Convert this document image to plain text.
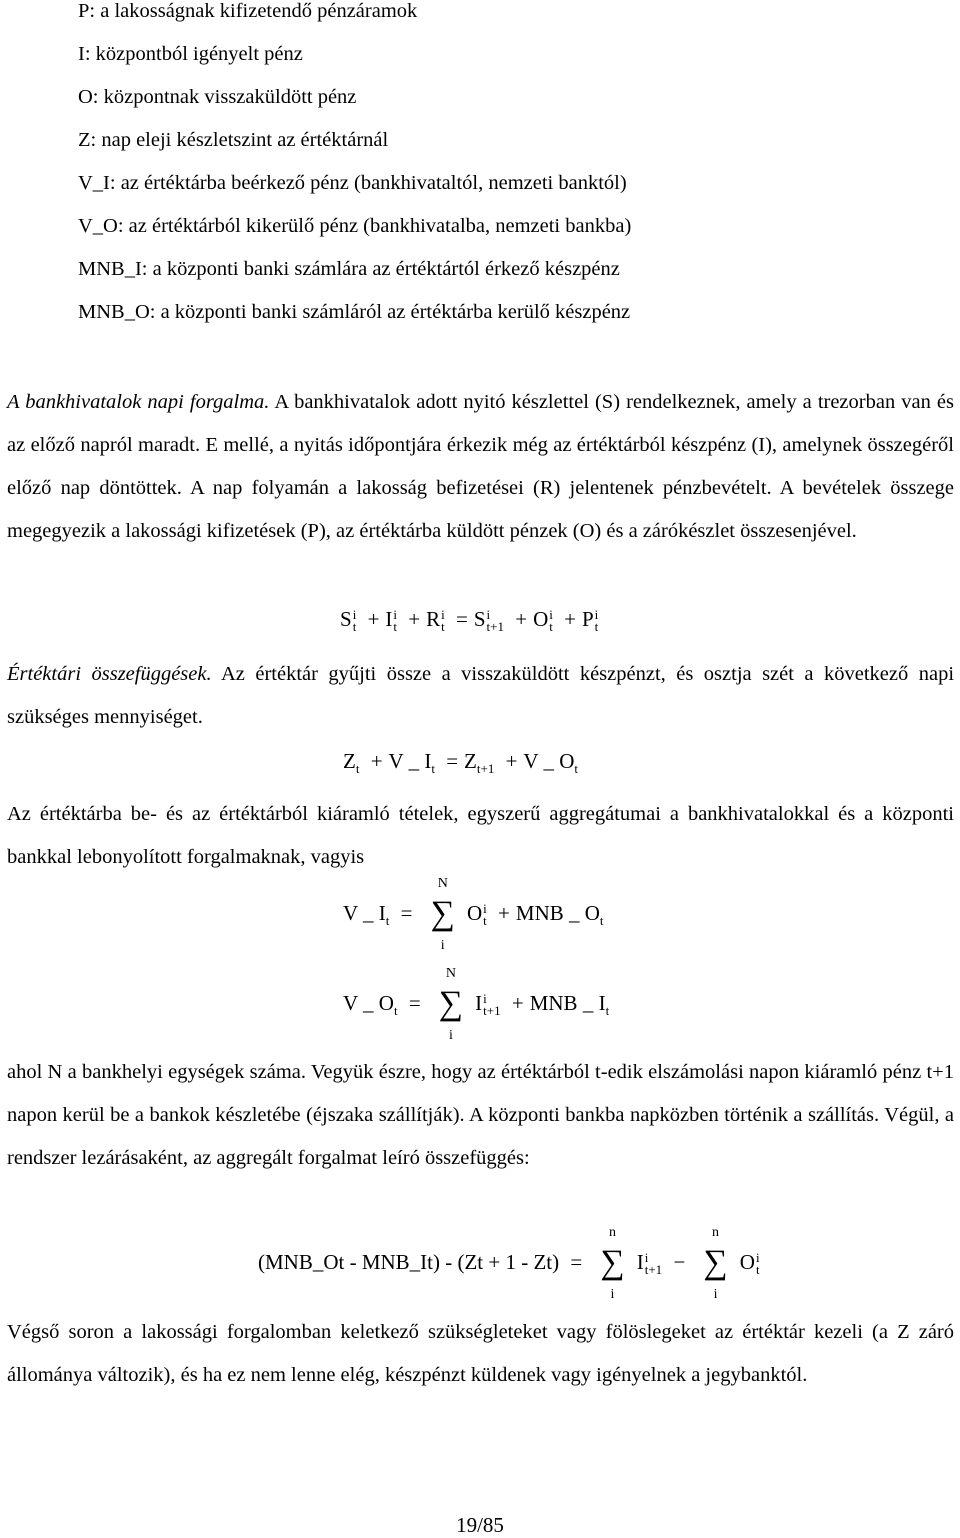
P: a lakosságnak kifizetendő pénzáramok
I: központból igényelt pénz
O: központnak visszaküldött pénz
Z: nap eleji készletszint az értéktárnál
V_I: az értéktárba beérkező pénz (bankhivataltól, nemzeti banktól)
V_O: az értéktárból kikerülő pénz (bankhivatalba, nemzeti bankba)
MNB_I: a központi banki számlára az értéktártól érkező készpénz
MNB_O: a központi banki számláról az értéktárba kerülő készpénz

A bankhivatalok napi forgalma. A bankhivatalok adott nyitó készlettel (S) rendelkeznek, amely a trezorban van és az előző napról maradt. E mellé, a nyitás időpontjára érkezik még az értéktárból készpénz (I), amelynek összegéről előző nap döntöttek. A nap folyamán a lakosság befizetései (R) jelentenek pénzbevételt. A bevételek összege megegyezik a lakossági kifizetések (P), az értéktárba küldött pénzek (O) és a zárókészlet összesenjével.

Si
t + Ii
t + Ri
t = Si
t+1 + Oi
t + Pi
t

Értéktári összefüggések. Az értéktár gyűjti össze a visszaküldött készpénzt, és osztja szét a következő napi szükséges mennyiséget.

$Z_t + V$ _ $I_t = Z_{t+1} + V$ _ $O_t$

Az értéktárba be- és az értéktárból kiáramló tételek, egyszerű aggregátumai a bankhivatalokkal és a központi bankkal lebonyolított forgalmaknak, vagyis

V _ $I_t$ =
N
∑
i
Oi
t + MNB _ $O_t$
V _ $O_t$ =
N
∑
i
Ii
t+1 + MNB _ $I_t$

ahol N a bankhelyi egységek száma. Vegyük észre, hogy az értéktárból t-edik elszámolási napon kiáramló pénz t+1 napon kerül be a bankok készletébe (éjszaka szállítják). A központi bankba napközben történik a szállítás. Végül, a rendszer lezárásaként, az aggregált forgalmat leíró összefüggés:

(MNB_Ot - MNB_It) - (Zt + 1 - Zt) =
n
∑
i
Ii
t+1 −
n
∑
i
Oi
t

Végső soron a lakossági forgalomban keletkező szükségleteket vagy fölöslegeket az értéktár kezeli (a Z záró állománya változik), és ha ez nem lenne elég, készpénzt küldenek vagy igényelnek a jegybanktól.

19/85
